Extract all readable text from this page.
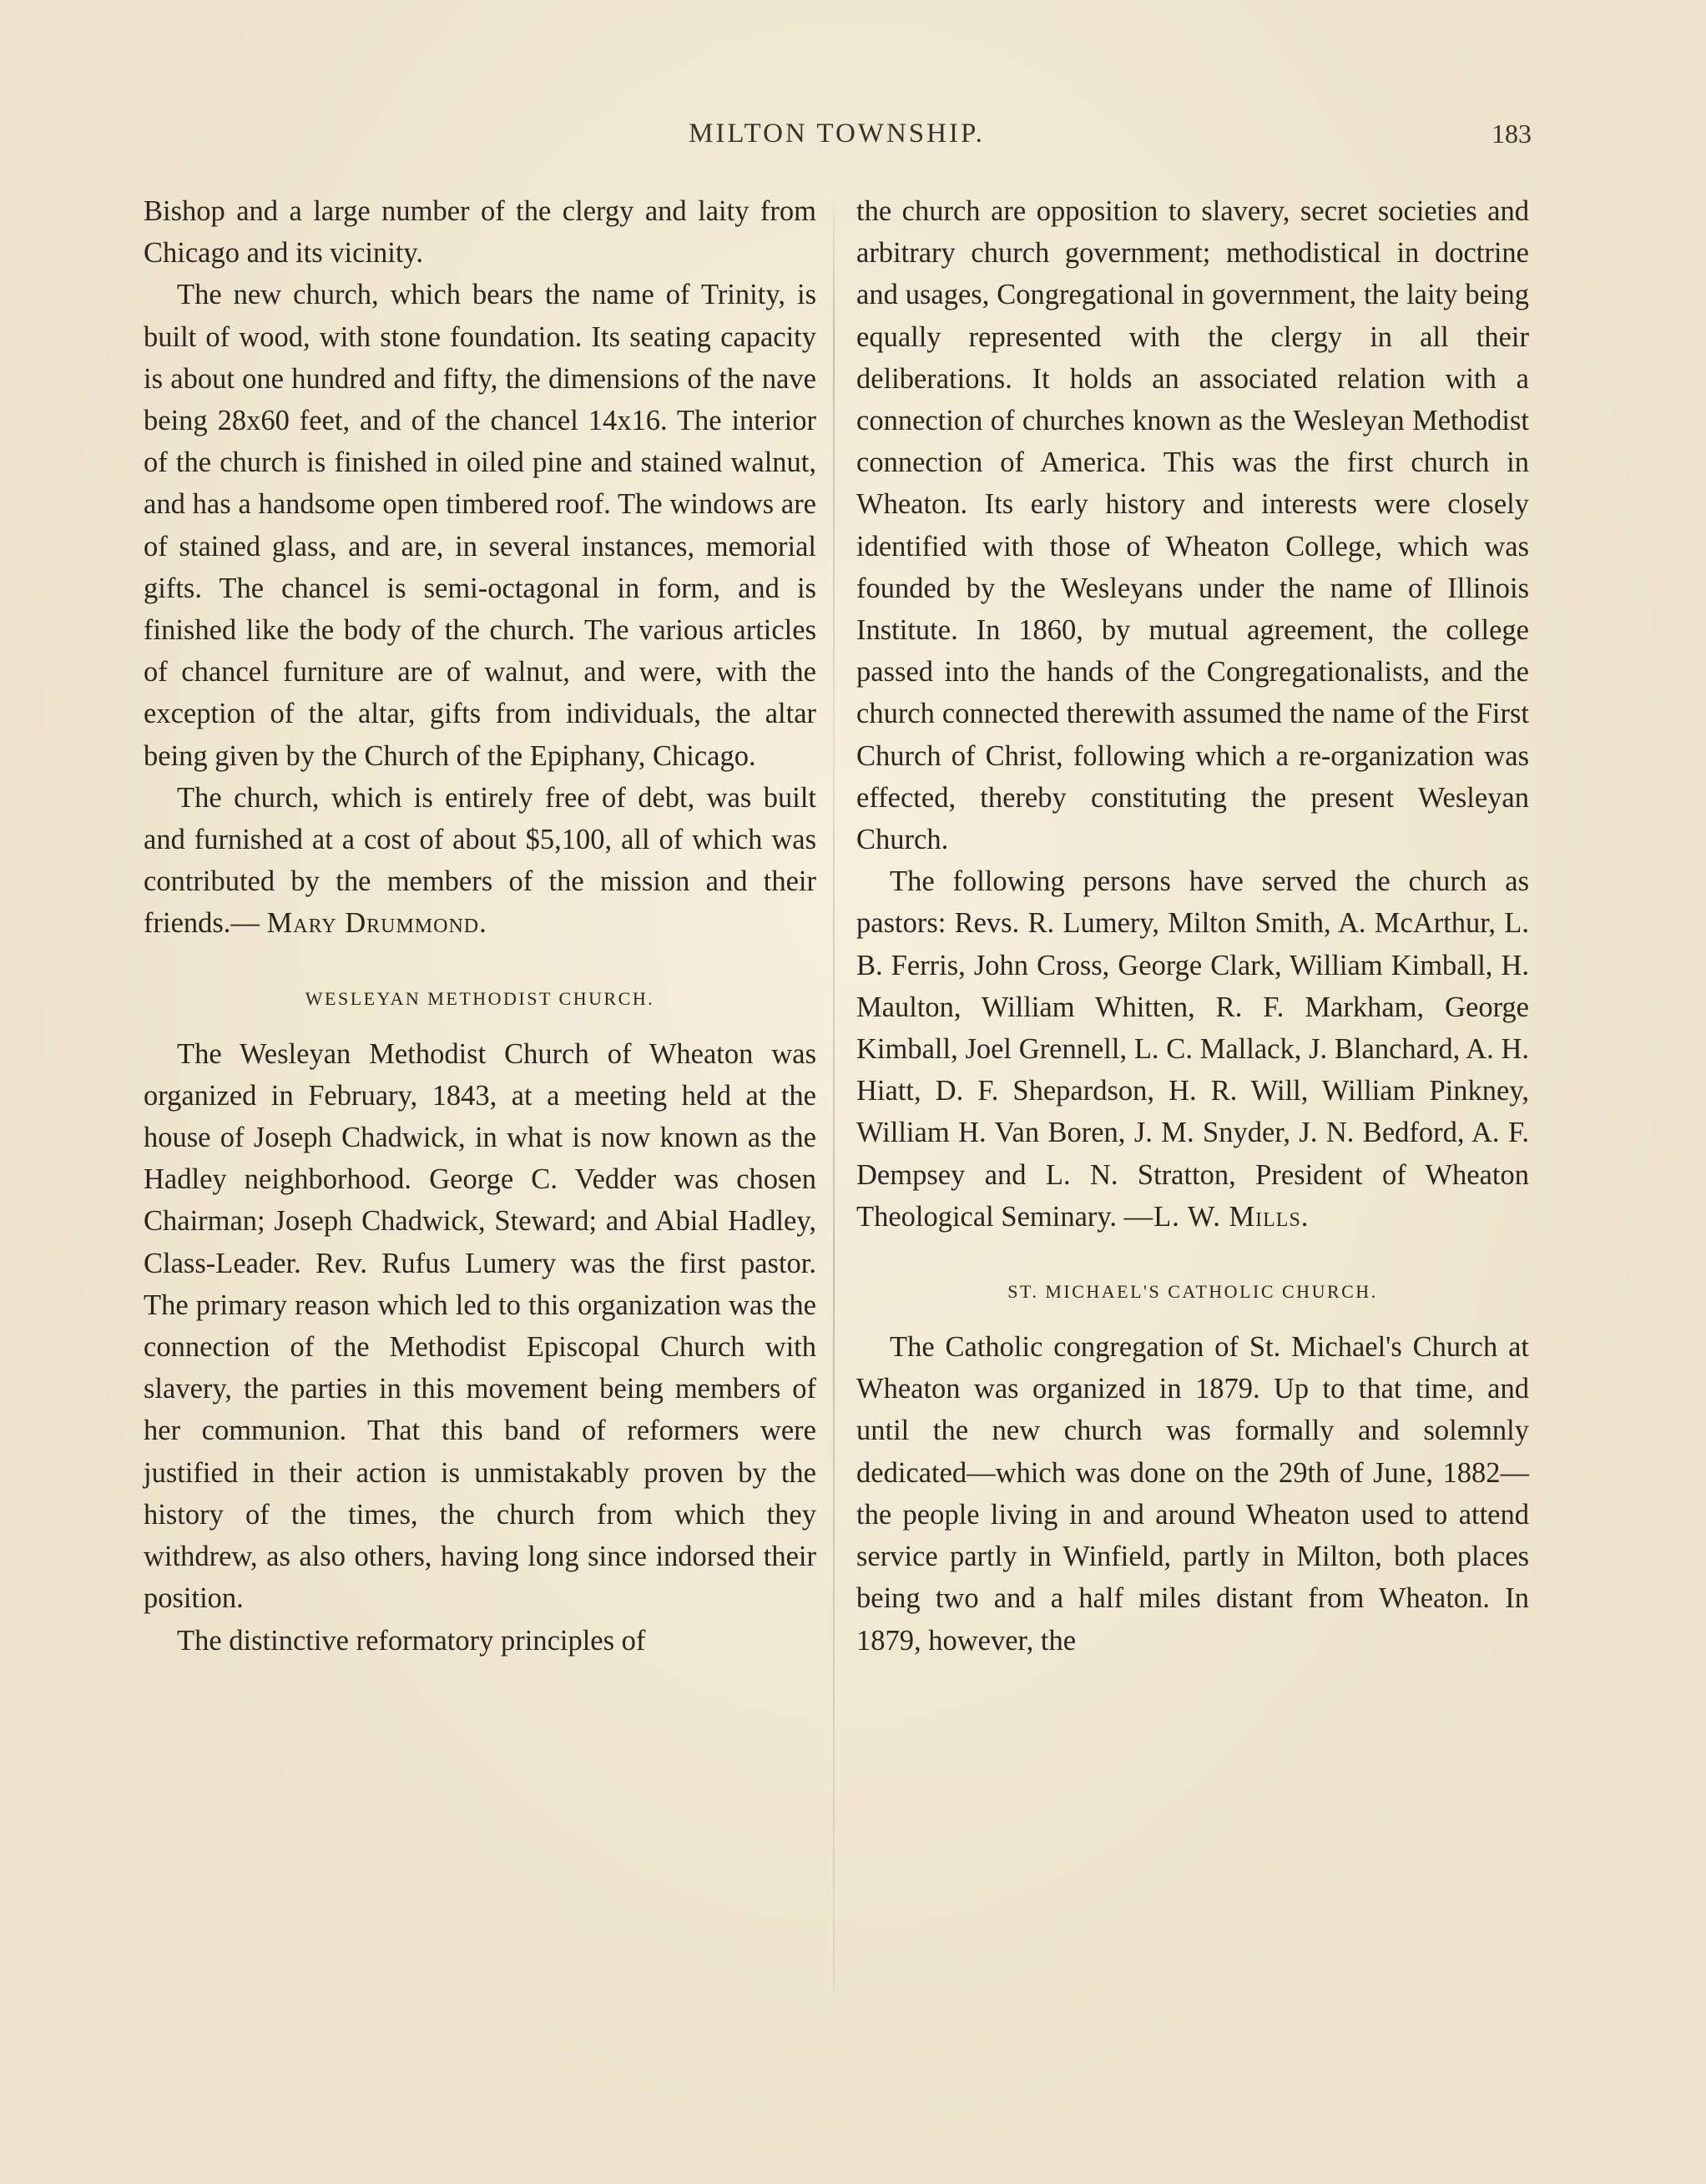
MILTON TOWNSHIP.	183

Bishop and a large number of the clergy and laity from Chicago and its vicinity.

The new church, which bears the name of Trinity, is built of wood, with stone foundation. Its seating capacity is about one hundred and fifty, the dimensions of the nave being 28x60 feet, and of the chancel 14x16. The interior of the church is finished in oiled pine and stained walnut, and has a handsome open timbered roof. The windows are of stained glass, and are, in several instances, memorial gifts. The chancel is semi-octagonal in form, and is finished like the body of the church. The various articles of chancel furniture are of walnut, and were, with the exception of the altar, gifts from individuals, the altar being given by the Church of the Epiphany, Chicago.

The church, which is entirely free of debt, was built and furnished at a cost of about $5,100, all of which was contributed by the members of the mission and their friends.— Mary Drummond.

WESLEYAN METHODIST CHURCH.

The Wesleyan Methodist Church of Wheaton was organized in February, 1843, at a meeting held at the house of Joseph Chadwick, in what is now known as the Hadley neighborhood. George C. Vedder was chosen Chairman; Joseph Chadwick, Steward; and Abial Hadley, Class-Leader. Rev. Rufus Lumery was the first pastor. The primary reason which led to this organization was the connection of the Methodist Episcopal Church with slavery, the parties in this movement being members of her communion. That this band of reformers were justified in their action is unmistakably proven by the history of the times, the church from which they withdrew, as also others, having long since indorsed their position.

The distinctive reformatory principles of

the church are opposition to slavery, secret societies and arbitrary church government; methodistical in doctrine and usages, Congregational in government, the laity being equally represented with the clergy in all their deliberations. It holds an associated relation with a connection of churches known as the Wesleyan Methodist connection of America. This was the first church in Wheaton. Its early history and interests were closely identified with those of Wheaton College, which was founded by the Wesleyans under the name of Illinois Institute. In 1860, by mutual agreement, the college passed into the hands of the Congregationalists, and the church connected therewith assumed the name of the First Church of Christ, following which a re-organization was effected, thereby constituting the present Wesleyan Church.

The following persons have served the church as pastors: Revs. R. Lumery, Milton Smith, A. McArthur, L. B. Ferris, John Cross, George Clark, William Kimball, H. Maulton, William Whitten, R. F. Markham, George Kimball, Joel Grennell, L. C. Mallack, J. Blanchard, A. H. Hiatt, D. F. Shepardson, H. R. Will, William Pinkney, William H. Van Boren, J. M. Snyder, J. N. Bedford, A. F. Dempsey and L. N. Stratton, President of Wheaton Theological Seminary. —L. W. Mills.

ST. MICHAEL'S CATHOLIC CHURCH.

The Catholic congregation of St. Michael's Church at Wheaton was organized in 1879. Up to that time, and until the new church was formally and solemnly dedicated—which was done on the 29th of June, 1882—the people living in and around Wheaton used to attend service partly in Winfield, partly in Milton, both places being two and a half miles distant from Wheaton. In 1879, however, the
